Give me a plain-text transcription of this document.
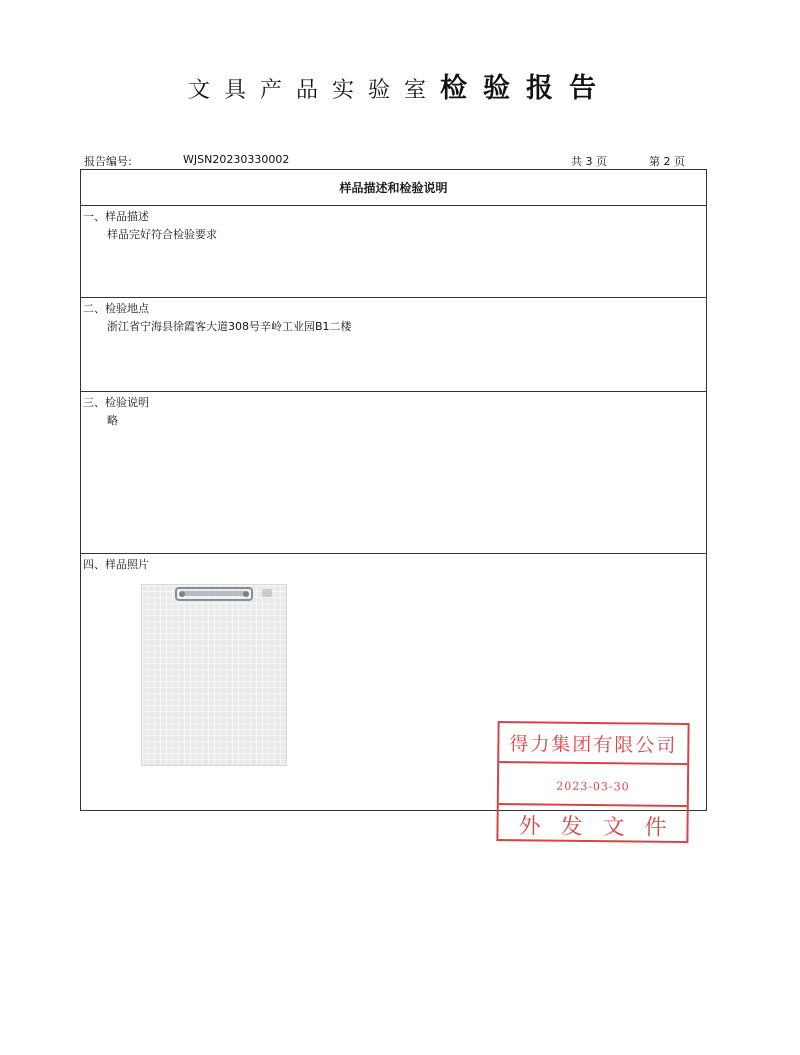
文具产品实验室检验报告
报告编号:	WJSN20230330002	共 3 页	第 2 页
样品描述和检验说明
一、样品描述
样品完好符合检验要求
二、检验地点
浙江省宁海县徐霞客大道308号辛岭工业园B1二楼
三、检验说明
略
四、样品照片
得力集团有限公司
2023-03-30
外发文件
